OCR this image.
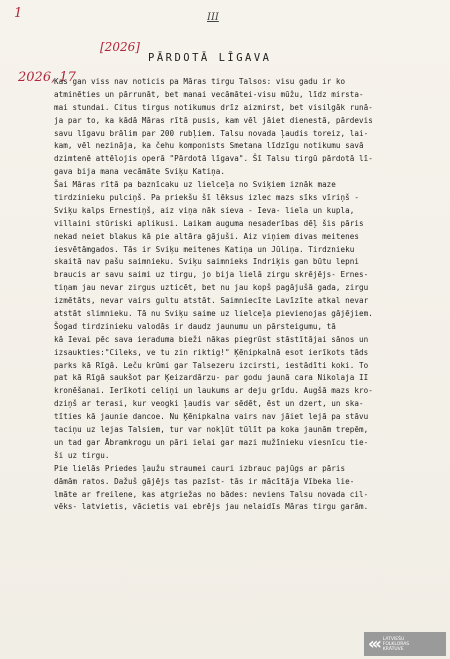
1	III
[2026]
2026, 17
PĀRDOTĀ LĪGAVA
Kas gan viss nav noticis pa Māras tirgu Talsos: visu gadu ir ko
atminēties un pārrunāt, bet manai vecāmātei-visu mūžu, līdz mirsta-
mai stundai. Citus tirgus notikumus drīz aizmirst, bet visilgāk runā-
ja par to, ka kādā Māras rītā pusis, kam vēl jāiet dienestā, pārdevis
savu līgavu brālim par 200 rubļiem. Talsu novada ļaudis toreiz, lai-
kam, vēl nezināja, ka čehu komponists Smetana līdzīgu notikumu savā
dzimtenē attēlojis operā "Pārdotā līgava". Šī Talsu tirgū pārdotā lī-
gava bija mana vecāmāte Sviķu Katiņa.
Šai Māras rītā pa baznīcaku uz lielceļa no Sviķiem iznāk maze
tirdzinieku pulciņš. Pa priekšu šī lēksus izlec mazs sīks vīriņš -
Sviķu kalps Ernestiņš, aiz viņa nāk sieva - Ieva- liela un kupla,
villaini stūriski aplikusi. Laikam auguma nesaderības dēļ šis pāris
nekad neiet blakus kā pie altāra gājuši. Aiz viņiem divas meitenes
iesvētāmgados. Tās ir Sviķu meitenes Katiņa un Jūliņa. Tirdznieku
skaitā nav pašu saimnieku. Sviķu saimnieks Indriķis gan būtu lepni
braucis ar savu saimi uz tirgu, jo bija lielā zirgu skrējējs- Ernes-
tiņam jau nevar zirgus uzticēt, bet nu jau kopš pagājušā gada, zirgu
izmētāts, nevar vairs gultu atstāt. Saimniecīte Lavīzīte atkal nevar
atstāt slimnieku. Tā nu Sviķu saime uz lielceļa pievienojas gājējiem.
Šogad tirdzinieku valodās ir daudz jaunumu un pārsteigumu, tā
kā Ievai pēc sava ieraduma bieži nākas piegrūst stāstītājai sānos un
izsaukties:"Cileks, ve tu zin riktig!" Ķēnipkalnā esot ierīkots tāds
parks kā Rīgā. Leču krūmi gar Talsezeru izcirsti, iestādīti koki. To
pat kā Rīgā saukšot par Ķeizardārzu- par godu jaunā cara Nikolaja II
kronēšanai. Ierīkoti celiņi un laukums ar deju grīdu. Augšā mazs kro-
dziņš ar terasi, kur veogki ļaudis var sēdēt, ēst un dzert, un ska-
tīties kā jaunie dancoe. Nu Ķēnipkalna vairs nav jāiet lejā pa stāvu
taciņu uz lejas Talsiem, tur var nokļūt tūlīt pa koka jaunām trepēm,
un tad gar Ābramkrogu un pāri ielai gar mazi mužīnieku viesnīcu tie-
ši uz tirgu.
Pie lielās Priedes ļaužu straumei cauri izbrauc pajūgs ar pāris
dāmām ratos. Dažuš gājējs tas pazīst- tās ir mācītāja Vībeka lie-
lmāte ar freilene, kas atgriežas no bādes: neviens Talsu novada cil-
vēks- latvietis, vācietis vai ebrējs jau nelaidīs Māras tirgu garām.
‹‹‹ LATVIEŠU
FOLKLORAS
KRĀTUVE
